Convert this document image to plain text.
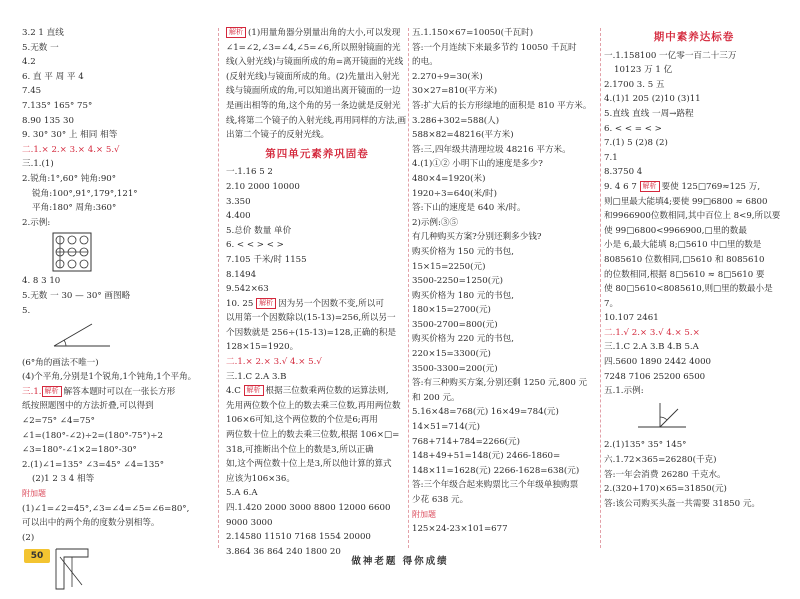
3.2 1 直线
5.无数 一
4.2
6. 直 平 周 平 4
7.45
7.135° 165° 75°
8.90 135 30
9. 30° 30° 上 相同 相等
二.1.× 2.× 3.× 4.× 5.√
三.1.(1)
2.锐角:1°,60° 钝角:90°
锐角:100°,91°,179°,121°
平角:180° 周角:360°
2.示例:
4. 8 3 10
5.无数 一 30 — 30° 画图略
5.
(6°角的画法不唯一)
(4)个平角,分别是1个锐角,1个钝角,1个平角。
三.1. 解析 解答本题时可以在一张长方形
纸按照题图中的方法折叠,可以得到
∠2=75° ∠4=75°
∠1=(180°-∠2)÷2=(180°-75°)÷2
∠3=180°-∠1×2=180°-30°
2.(1)∠1=135° ∠3=45° ∠4=135°
(2)1 2 3 4 相等
附加题
(1)∠1=∠2=45°,∠3=∠4=∠5=∠6=80°,
可以出中的两个角的度数分别相等。
(2)
解析 (1)用量角器分别量出角的大小,可以发现∠1=∠2,∠3=∠4,∠5=∠6,所以照射镜面的光线(入射光线)与镜面所成的角=离开镜面的光线(反射光线)与镜面所成的角。(2)先量出入射光线与镜面所成的角,可以知道出离开镜面的一边是画出相等的角,这个角的另一条边就是反射光线,将第二个镜子的入射光线,再用同样的方法,画出第二个镜子的反射光线。
第四单元素养巩固卷
一.1.16 5 2
2.10 2000 10000
3.350
4.400
5.总价 数量 单价
6. < < > < >
7.105 千米/时 1155
8.1494
9.542×63
10. 25 解析 因为另一个因数不变,所以可
以用第一个因数除以(15-13)=256,所以另一
个因数就是 256÷(15-13)=128,正确的积是
128×15=1920。
二.1.× 2.× 3.√ 4.× 5.√
三.1.C 2.A 3.B
4.C 解析 根据三位数乘两位数的运算法则,
先用两位数个位上的数去乘三位数,再用两位数
106×6可知,这个两位数的个位是6;再用
两位数十位上的数去乘三位数,根据 106×□=
318,可推断出个位上的数是3,所以正确
如,这个两位数十位上是3,所以他计算的算式
应该为106×36。
5.A 6.A
四.1.420 2000 3000 8800 12000 6600
9000 3000
2.14580 11510 7168 1554 20000
3.864 36 864 240 1800 20
五.1.150×67=10050(千瓦时)
答:一个月连续下来最多节约 10050 千瓦时
的电。
2.270÷9=30(米)
30×27=810(平方米)
答:扩大后的长方形绿地的面积是 810 平方米。
3.286+302=588(人)
588×82=48216(平方米)
答:三,四年级共清理垃圾 48216 平方米。
4.(1)①② 小明下山的速度是多少?
480×4=1920(米)
1920÷3=640(米/时)
答:下山的速度是 640 米/时。
2)示例:③⑤
有几种购买方案?分别还剩多少钱?
购买价格为 150 元的书包,
15×15=2250(元)
3500-2250=1250(元)
购买价格为 180 元的书包,
180×15=2700(元)
3500-2700=800(元)
购买价格为 220 元的书包,
220×15=3300(元)
3500-3300=200(元)
答:有三种购买方案,分别还剩 1250 元,800 元
和 200 元。
5.16×48=768(元) 16×49=784(元)
14×51=714(元)
768+714+784=2266(元)
148+49+51=148(元) 2466-1860=
148×11=1628(元) 2266-1628=638(元)
答:三个年级合起来购票比三个年级单独购票
少花 638 元。
附加题
125×24-23×101=677
期中素养达标卷
一.1.158100 一亿零一百二十三万
10123 万 1 亿
2.1700 3. 5 五
4.(1)1 205 (2)10 (3)11
5.直线 直线 一周→路程
6. < < = < >
7.(1) 5 (2)8 (2)
7.1
8.3750 4
9. 4 6 7 解析 要使 125□769≈125 万,
则□里最大能填4;要使 99□6800 ≈ 6800
和9966900位数相同,其中百位上 8<9,所以要
使 99□6800<9966900,□里的数最
小是 6,最大能填 8;□5610 中□里的数是
8085610 位数相同,□5610 和 8085610
的位数相同,根据 8□5610 ≈ 8□5610 要
使 80□5610<8085610,则□里的数最小是
7。
10.107 2461
二.1.√ 2.× 3.√ 4.× 5.×
三.1.C 2.A 3.B 4.B 5.A
四.5600 1890 2442 4000
7248 7106 25200 6500
五.1.示例:
2.(1)135° 35° 145°
六.1.72×365=26280(千克)
答:一年会消费 26280 千克水。
2.(320+170)×65=31850(元)
答:该公司购买头盔一共需要 31850 元。
50	做神老题 得你成绩
